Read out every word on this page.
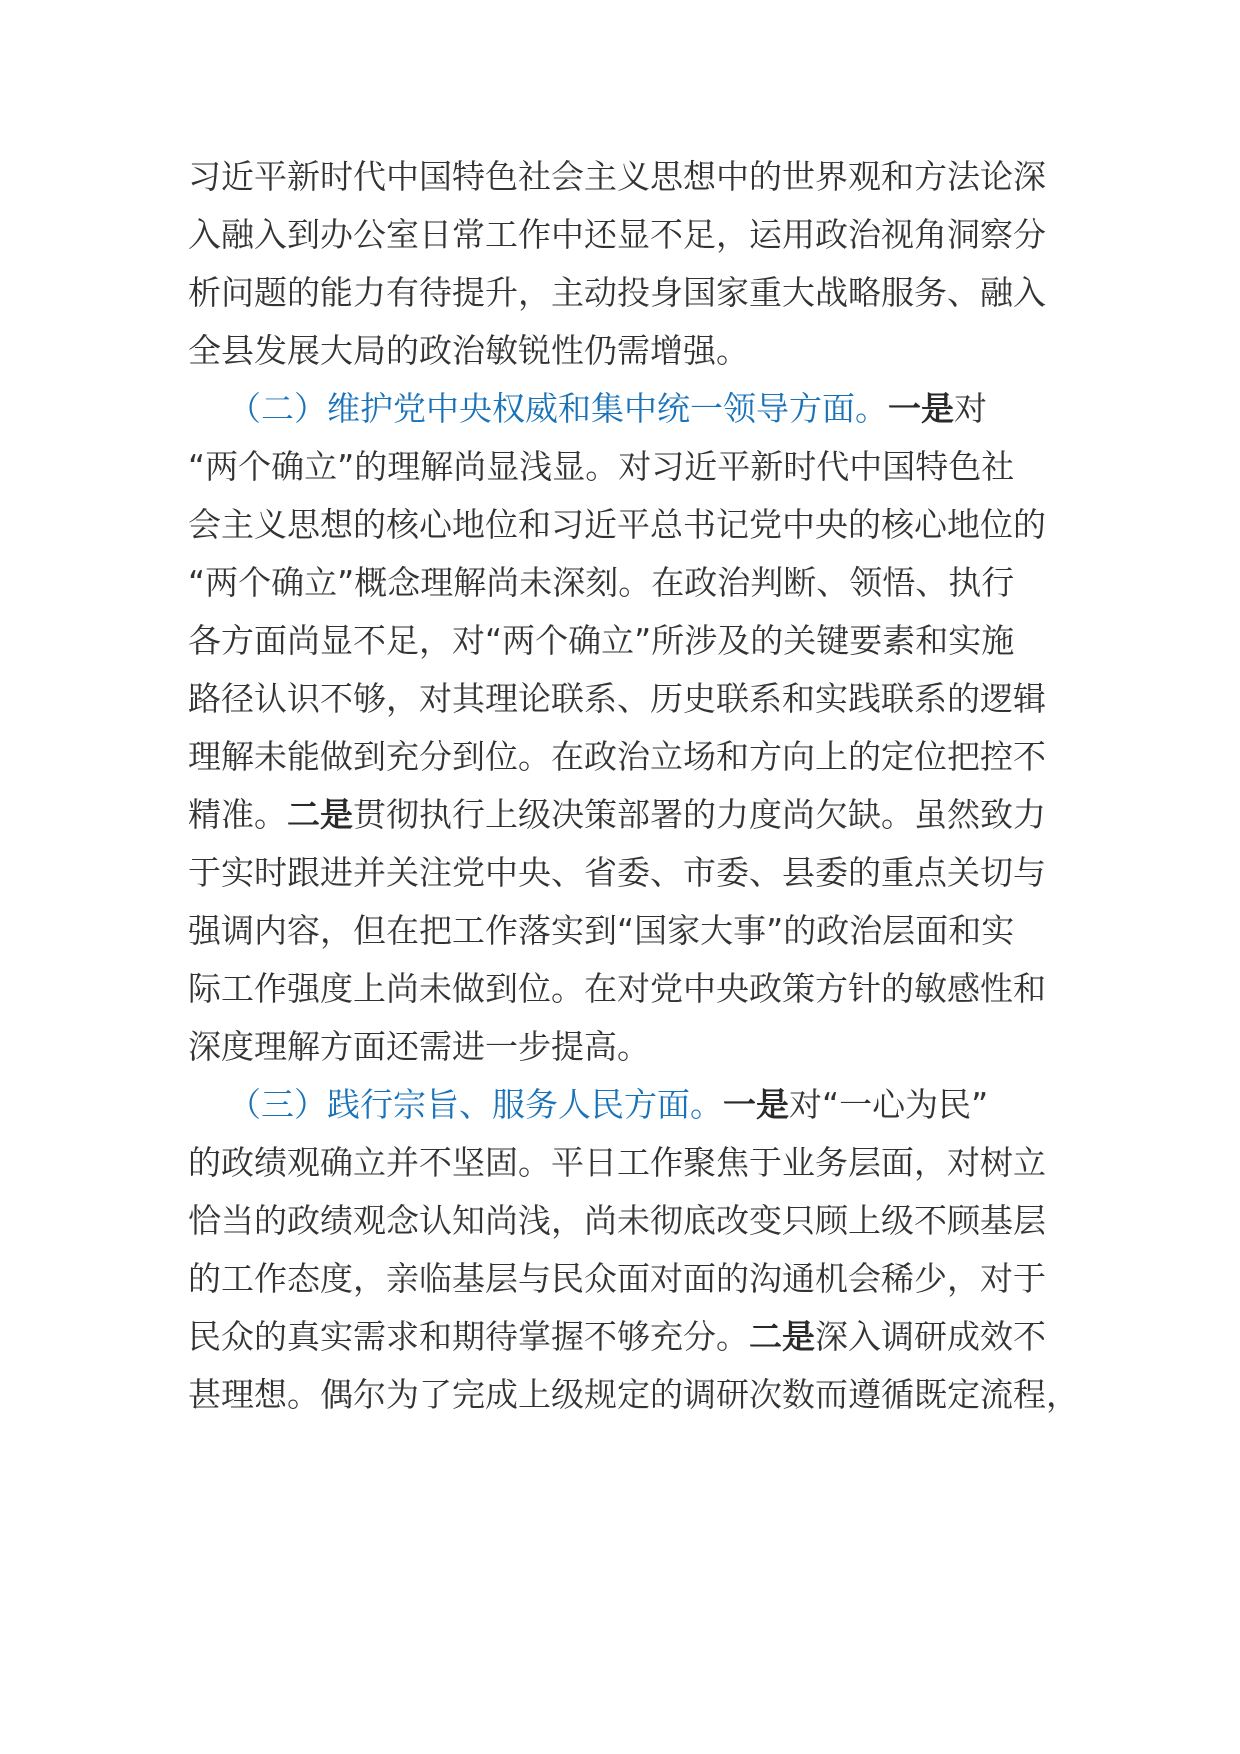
习近平新时代中国特色社会主义思想中的世界观和方法论深
入融入到办公室日常工作中还显不足，运用政治视角洞察分
析问题的能力有待提升，主动投身国家重大战略服务、融入
全县发展大局的政治敏锐性仍需增强。
（二）维护党中央权威和集中统一领导方面。一是对
“两个确立”的理解尚显浅显。对习近平新时代中国特色社
会主义思想的核心地位和习近平总书记党中央的核心地位的
“两个确立”概念理解尚未深刻。在政治判断、领悟、执行
各方面尚显不足，对“两个确立”所涉及的关键要素和实施
路径认识不够，对其理论联系、历史联系和实践联系的逻辑
理解未能做到充分到位。在政治立场和方向上的定位把控不
精准。二是贯彻执行上级决策部署的力度尚欠缺。虽然致力
于实时跟进并关注党中央、省委、市委、县委的重点关切与
强调内容，但在把工作落实到“国家大事”的政治层面和实
际工作强度上尚未做到位。在对党中央政策方针的敏感性和
深度理解方面还需进一步提高。
（三）践行宗旨、服务人民方面。一是对“一心为民”
的政绩观确立并不坚固。平日工作聚焦于业务层面，对树立
恰当的政绩观念认知尚浅，尚未彻底改变只顾上级不顾基层
的工作态度，亲临基层与民众面对面的沟通机会稀少，对于
民众的真实需求和期待掌握不够充分。二是深入调研成效不
甚理想。偶尔为了完成上级规定的调研次数而遵循既定流程，
